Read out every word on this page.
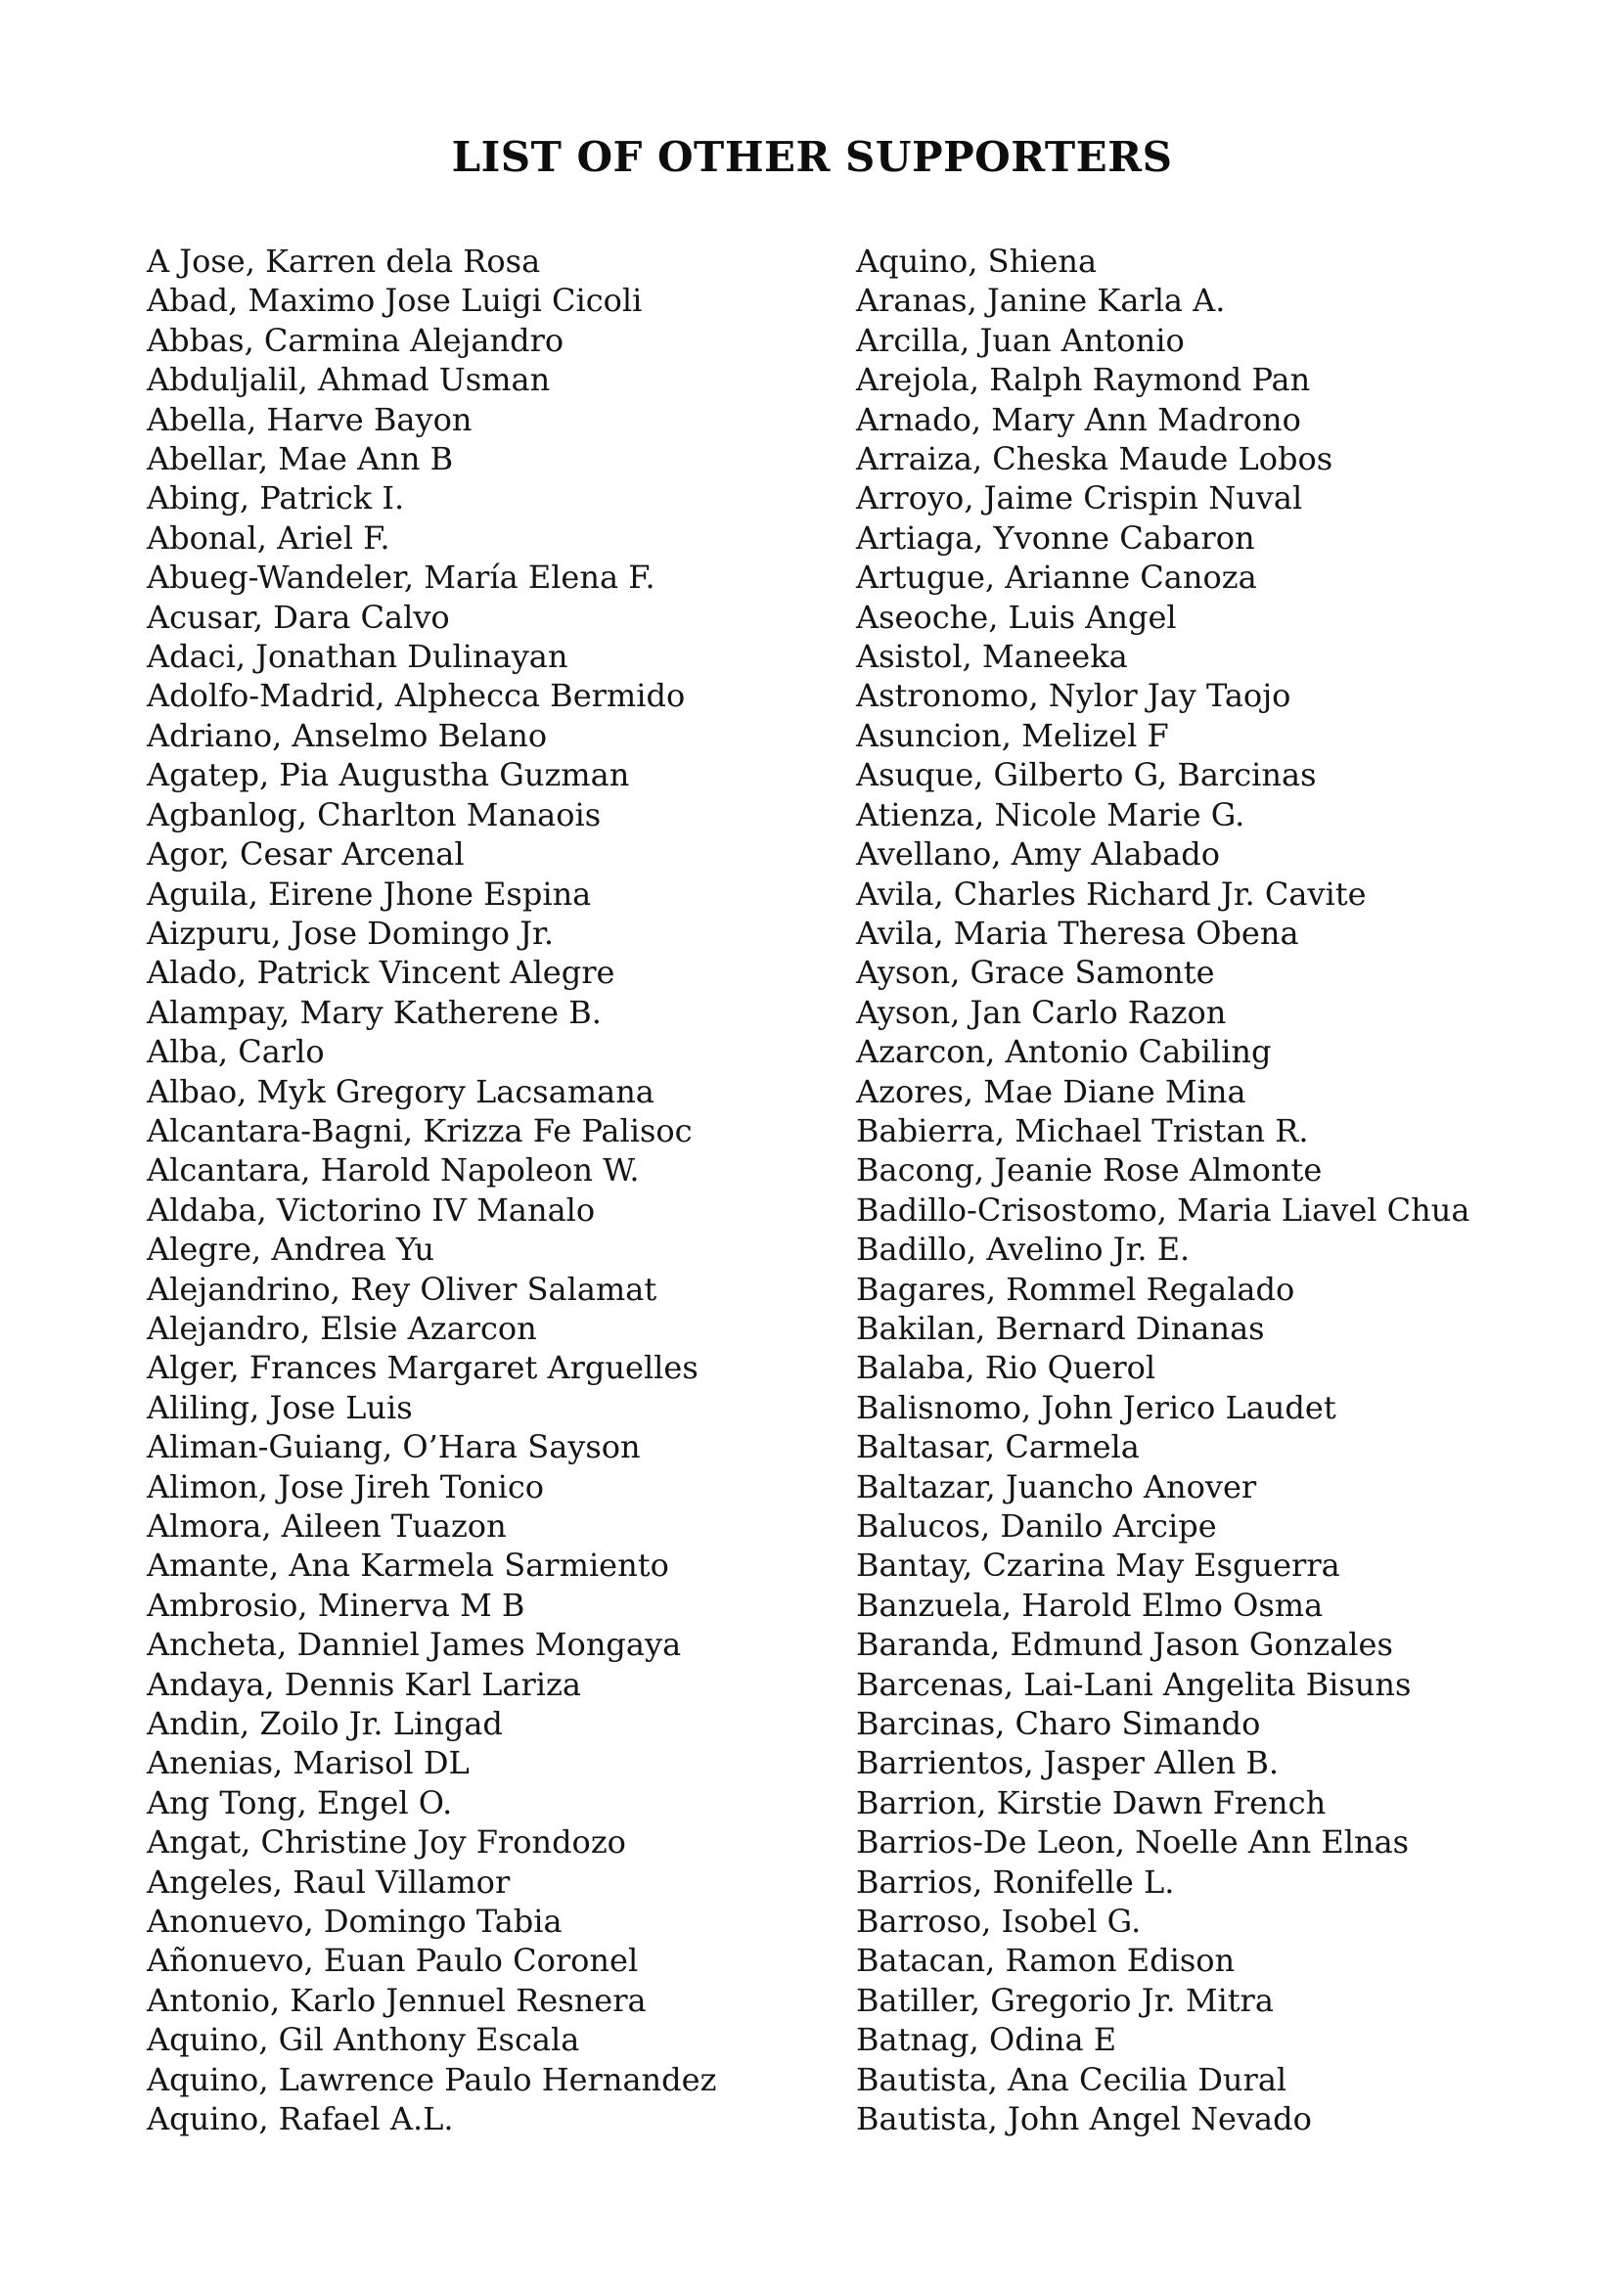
LIST OF OTHER SUPPORTERS
A Jose, Karren dela Rosa
Abad, Maximo Jose Luigi Cicoli
Abbas, Carmina Alejandro
Abduljalil, Ahmad Usman
Abella, Harve Bayon
Abellar, Mae Ann B
Abing, Patrick I.
Abonal, Ariel F.
Abueg-Wandeler, María Elena F.
Acusar, Dara Calvo
Adaci, Jonathan Dulinayan
Adolfo-Madrid, Alphecca Bermido
Adriano, Anselmo Belano
Agatep, Pia Augustha Guzman
Agbanlog, Charlton Manaois
Agor, Cesar Arcenal
Aguila, Eirene Jhone Espina
Aizpuru, Jose Domingo Jr.
Alado, Patrick Vincent Alegre
Alampay, Mary Katherene B.
Alba, Carlo
Albao, Myk Gregory Lacsamana
Alcantara-Bagni, Krizza Fe Palisoc
Alcantara, Harold Napoleon W.
Aldaba, Victorino IV Manalo
Alegre, Andrea Yu
Alejandrino, Rey Oliver Salamat
Alejandro, Elsie Azarcon
Alger, Frances Margaret Arguelles
Aliling, Jose Luis
Aliman-Guiang, O’Hara Sayson
Alimon, Jose Jireh Tonico
Almora, Aileen Tuazon
Amante, Ana Karmela Sarmiento
Ambrosio, Minerva M B
Ancheta, Danniel James Mongaya
Andaya, Dennis Karl Lariza
Andin, Zoilo Jr. Lingad
Anenias, Marisol DL
Ang Tong, Engel O.
Angat, Christine Joy Frondozo
Angeles, Raul Villamor
Anonuevo, Domingo Tabia
Añonuevo, Euan Paulo Coronel
Antonio, Karlo Jennuel Resnera
Aquino, Gil Anthony Escala
Aquino, Lawrence Paulo Hernandez
Aquino, Rafael A.L.
Aquino, Shiena
Aranas, Janine Karla A.
Arcilla, Juan Antonio
Arejola, Ralph Raymond Pan
Arnado, Mary Ann Madrono
Arraiza, Cheska Maude Lobos
Arroyo, Jaime Crispin Nuval
Artiaga, Yvonne Cabaron
Artugue, Arianne Canoza
Aseoche, Luis Angel
Asistol, Maneeka
Astronomo, Nylor Jay Taojo
Asuncion, Melizel F
Asuque, Gilberto G, Barcinas
Atienza, Nicole Marie G.
Avellano, Amy Alabado
Avila, Charles Richard Jr. Cavite
Avila, Maria Theresa Obena
Ayson, Grace Samonte
Ayson, Jan Carlo Razon
Azarcon, Antonio Cabiling
Azores, Mae Diane Mina
Babierra, Michael Tristan R.
Bacong, Jeanie Rose Almonte
Badillo-Crisostomo, Maria Liavel Chua
Badillo, Avelino Jr. E.
Bagares, Rommel Regalado
Bakilan, Bernard Dinanas
Balaba, Rio Querol
Balisnomo, John Jerico Laudet
Baltasar, Carmela
Baltazar, Juancho Anover
Balucos, Danilo Arcipe
Bantay, Czarina May Esguerra
Banzuela, Harold Elmo Osma
Baranda, Edmund Jason Gonzales
Barcenas, Lai-Lani Angelita Bisuns
Barcinas, Charo Simando
Barrientos, Jasper Allen B.
Barrion, Kirstie Dawn French
Barrios-De Leon, Noelle Ann Elnas
Barrios, Ronifelle L.
Barroso, Isobel G.
Batacan, Ramon Edison
Batiller, Gregorio Jr. Mitra
Batnag, Odina E
Bautista, Ana Cecilia Dural
Bautista, John Angel Nevado
